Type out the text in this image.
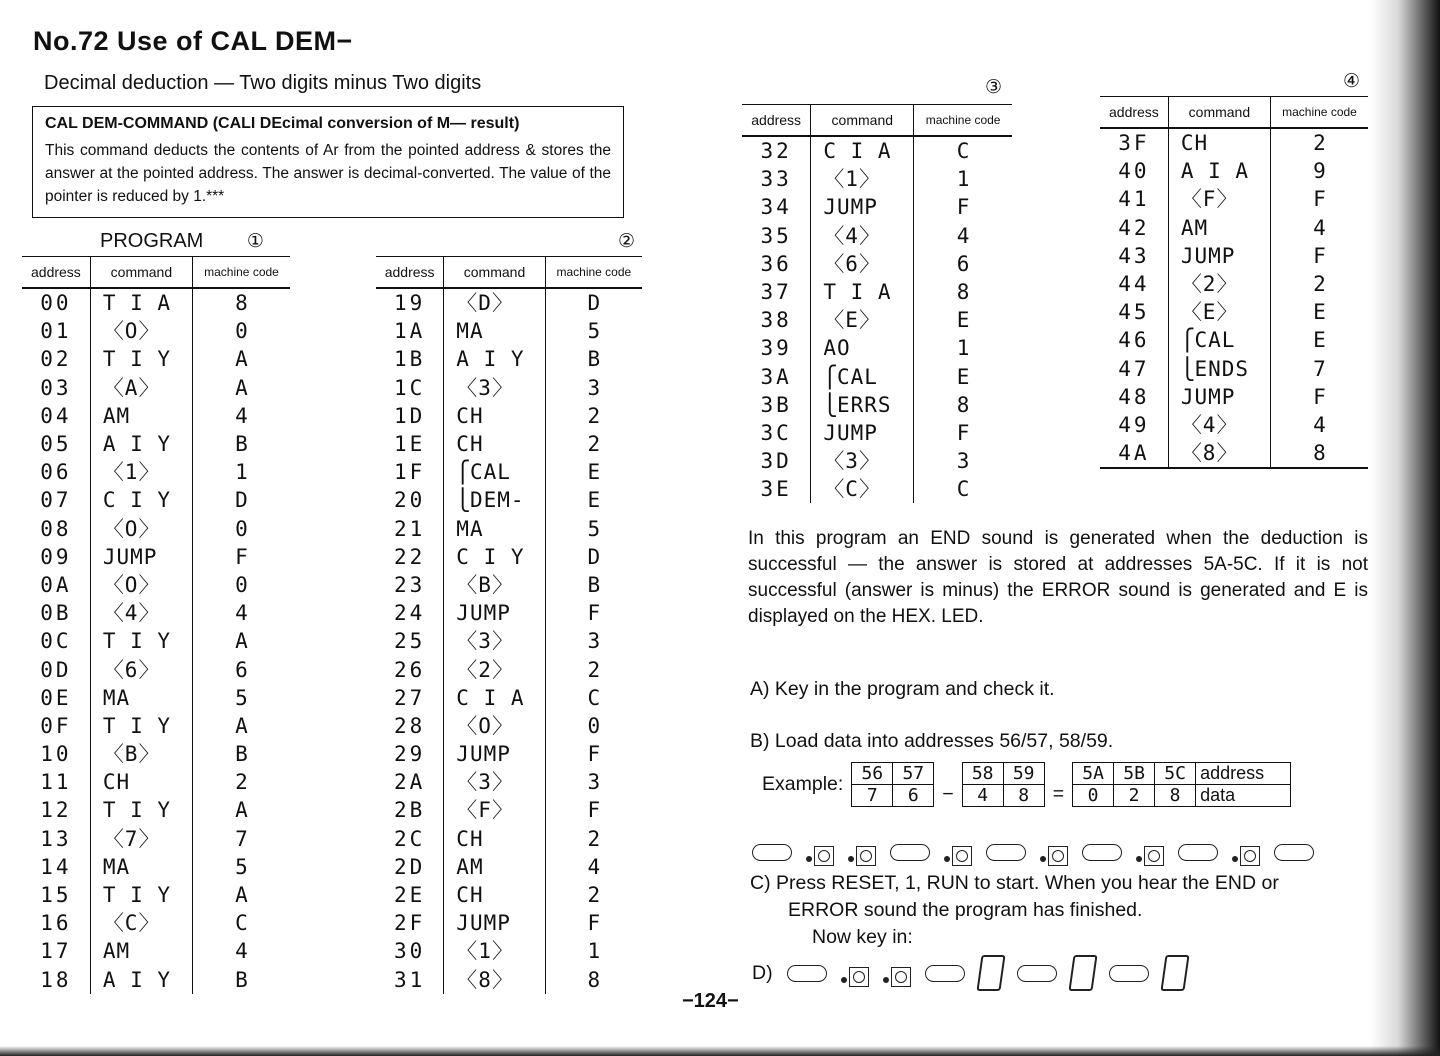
No.72 Use of CAL DEM−
Decimal deduction — Two digits minus Two digits
CAL DEM-COMMAND (CALI DEcimal conversion of M— result)
This command deducts the contents of Ar from the pointed address & stores the answer at the pointed address. The answer is decimal-converted. The value of the pointer is reduced by 1.***
PROGRAM ①	②
③	④
address	command	machine code
00	T I A	8
01	〈O〉	0
02	T I Y	A
03	〈A〉	A
04	AM	4
05	A I Y	B
06	〈1〉	1
07	C I Y	D
08	〈O〉	0
09	JUMP	F
0A	〈O〉	0
0B	〈4〉	4
0C	T I Y	A
0D	〈6〉	6
0E	MA	5
0F	T I Y	A
10	〈B〉	B
11	CH	2
12	T I Y	A
13	〈7〉	7
14	MA	5
15	T I Y	A
16	〈C〉	C
17	AM	4
18	A I Y	B
address	command	machine code
19	〈D〉	D
1A	MA	5
1B	A I Y	B
1C	〈3〉	3
1D	CH	2
1E	CH	2
1F	⎧CAL	E
20	⎩DEM-	E
21	MA	5
22	C I Y	D
23	〈B〉	B
24	JUMP	F
25	〈3〉	3
26	〈2〉	2
27	C I A	C
28	〈O〉	0
29	JUMP	F
2A	〈3〉	3
2B	〈F〉	F
2C	CH	2
2D	AM	4
2E	CH	2
2F	JUMP	F
30	〈1〉	1
31	〈8〉	8
address	command	machine code
32	C I A	C
33	〈1〉	1
34	JUMP	F
35	〈4〉	4
36	〈6〉	6
37	T I A	8
38	〈E〉	E
39	AO	1
3A	⎧CAL	E
3B	⎩ERRS	8
3C	JUMP	F
3D	〈3〉	3
3E	〈C〉	C
address	command	machine code
3F	CH	2
40	A I A	9
41	〈F〉	F
42	AM	4
43	JUMP	F
44	〈2〉	2
45	〈E〉	E
46	⎧CAL	E
47	⎩ENDS	7
48	JUMP	F
49	〈4〉	4
4A	〈8〉	8
In this program an END sound is generated when the deduction is successful — the answer is stored at addresses 5A-5C. If it is not successful (answer is minus) the ERROR sound is generated and E is displayed on the HEX. LED.
A) Key in the program and check it.
B) Load data into addresses 56/57, 58/59.
Example: 56	57
7	6 −
58	59
4	8 =
5A	5B	5C	address
0	2	8	data
C) Press RESET, 1, RUN to start. When you hear the END or
ERROR sound the program has finished.
Now key in:
D)
−124−
